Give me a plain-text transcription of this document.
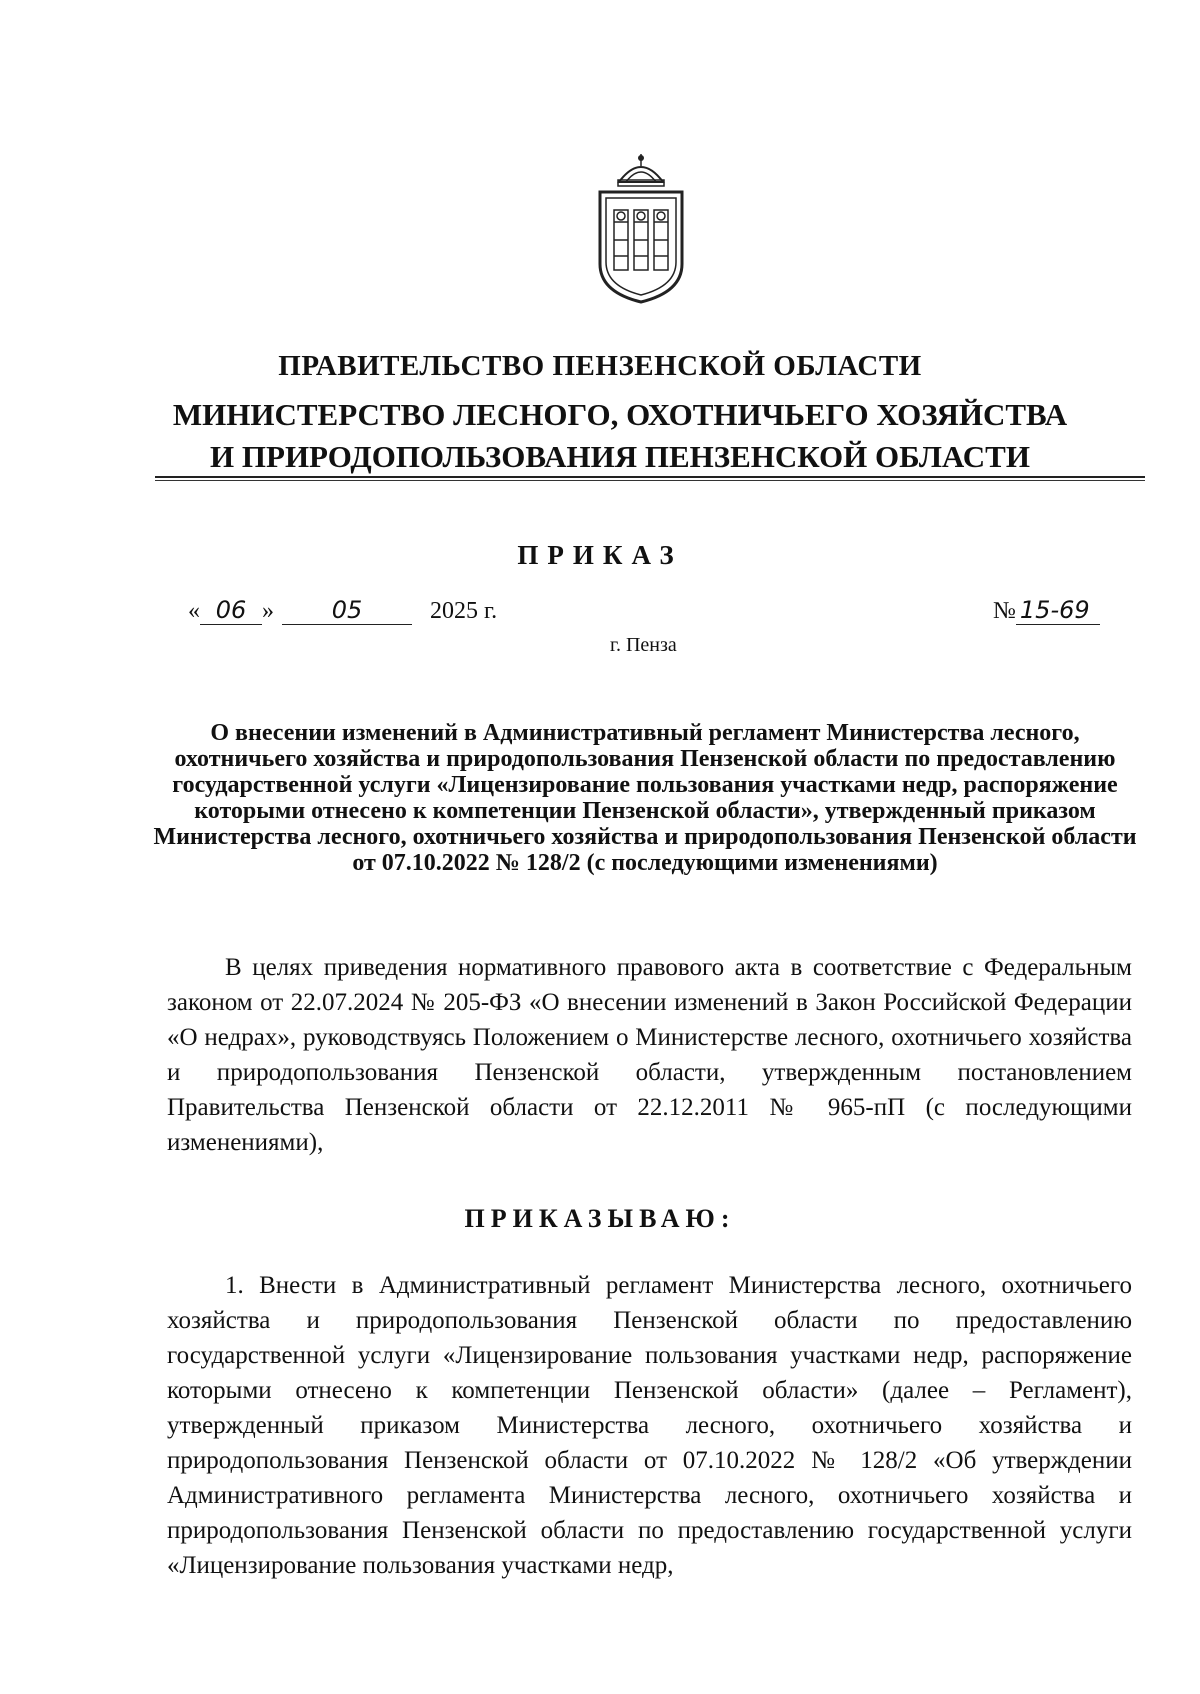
ПРАВИТЕЛЬСТВО ПЕНЗЕНСКОЙ ОБЛАСТИ
МИНИСТЕРСТВО ЛЕСНОГО, ОХОТНИЧЬЕГО ХОЗЯЙСТВА
И ПРИРОДОПОЛЬЗОВАНИЯ ПЕНЗЕНСКОЙ ОБЛАСТИ
ПРИКАЗ
« 06 » 05	2025 г.	№ 15-69
г. Пенза
О внесении изменений в Административный регламент Министерства лесного, охотничьего хозяйства и природопользования Пензенской области по предоставлению государственной услуги «Лицензирование пользования участками недр, распоряжение которыми отнесено к компетенции Пензенской области», утвержденный приказом Министерства лесного, охотничьего хозяйства и природопользования Пензенской области от 07.10.2022 № 128/2 (с последующими изменениями)
В целях приведения нормативного правового акта в соответствие с Федеральным законом от 22.07.2024 № 205-ФЗ «О внесении изменений в Закон Российской Федерации «О недрах», руководствуясь Положением о Министерстве лесного, охотничьего хозяйства и природопользования Пензенской области, утвержденным постановлением Правительства Пензенской области от 22.12.2011 № 965-пП (с последующими изменениями),
ПРИКАЗЫВАЮ:
1. Внести в Административный регламент Министерства лесного, охотничьего хозяйства и природопользования Пензенской области по предоставлению государственной услуги «Лицензирование пользования участками недр, распоряжение которыми отнесено к компетенции Пензенской области» (далее – Регламент), утвержденный приказом Министерства лесного, охотничьего хозяйства и природопользования Пензенской области от 07.10.2022 № 128/2 «Об утверждении Административного регламента Министерства лесного, охотничьего хозяйства и природопользования Пензенской области по предоставлению государственной услуги «Лицензирование пользования участками недр,
